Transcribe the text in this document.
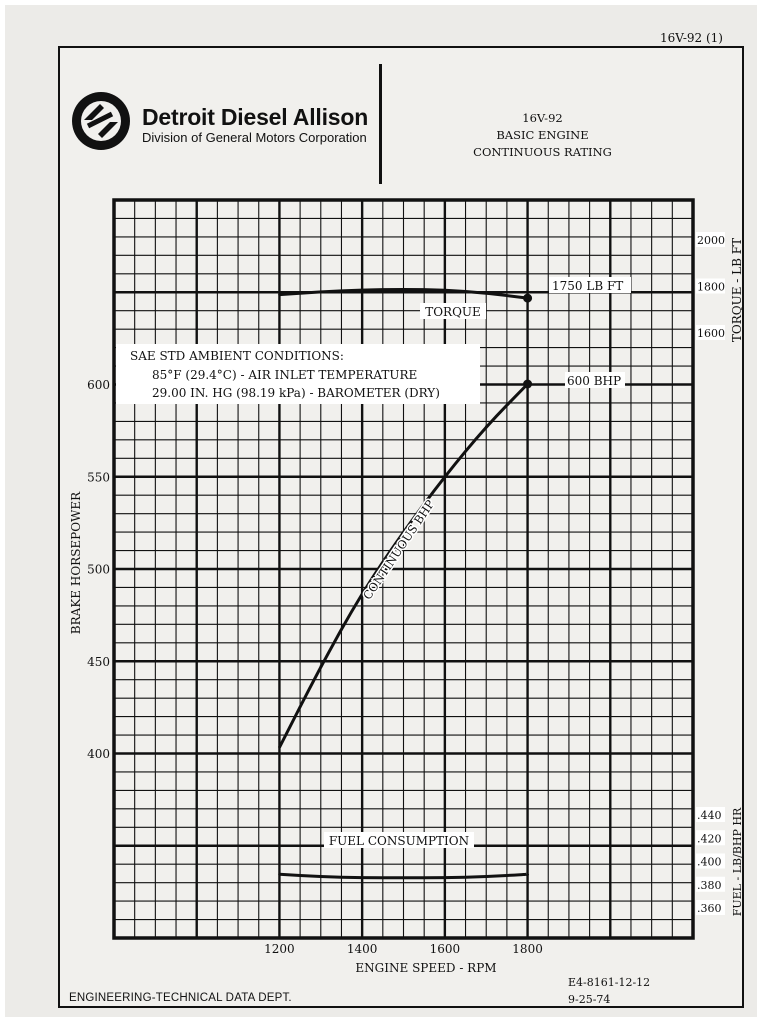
16V-92 (1)
Detroit Diesel Allison
Division of General Motors Corporation
16V-92
BASIC ENGINE
CONTINUOUS RATING
1200	1400	1600	1800
400
450
500
550
600
1600
1800
2000
.360
.380
.400
.420
.440
TORQUE
FUEL CONSUMPTION
CONTINUOUS BHP
1750 LB FT
600 BHP
SAE STD AMBIENT CONDITIONS:
85°F (29.4°C) - AIR INLET TEMPERATURE
29.00 IN. HG (98.19 kPa) - BAROMETER (DRY)
ENGINE SPEED - RPM
BRAKE HORSEPOWER
TORQUE - LB FT
FUEL - LB/BHP HR
ENGINEERING-TECHNICAL DATA DEPT.
E4-8161-12-12
9-25-74
